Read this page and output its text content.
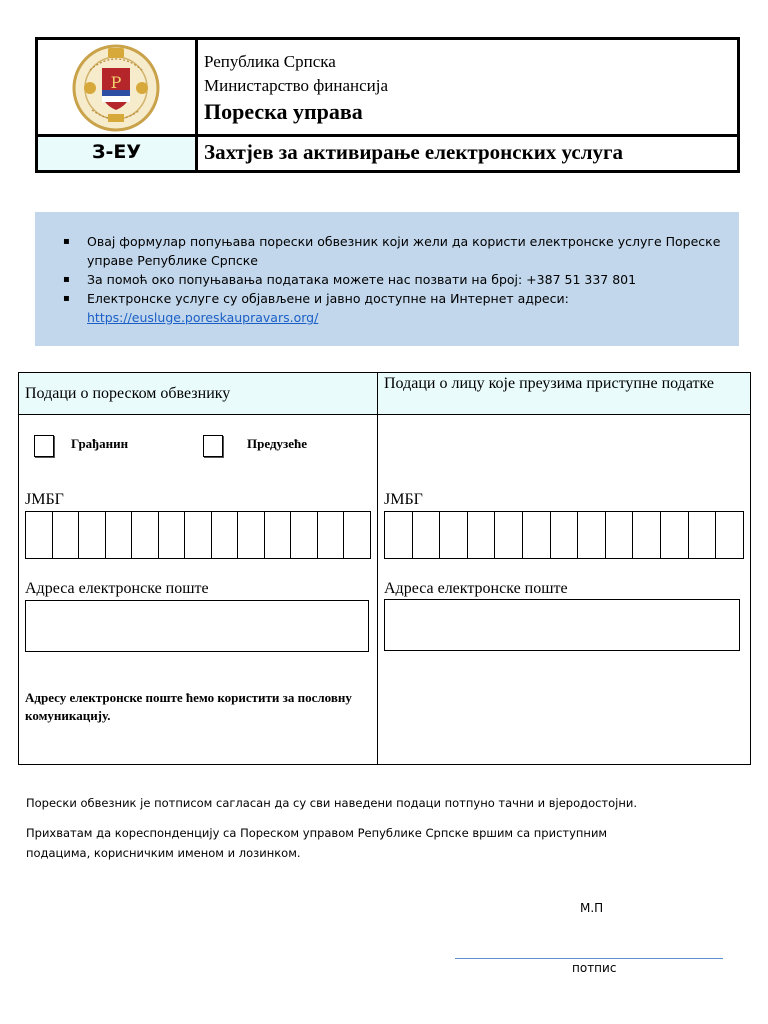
P
Република Српска
Министарство финансија
Пореска управа
З-ЕУ	Захтјев за активирање електронских услуга
▪ Овај формулар попуњава порески обвезник који жели да користи електронске услуге Пореске управе Републике Српске
▪ За помоћ око попуњавања података можете нас позвати на број: +387 51 337 801
▪ Електронске услуге су објављене и јавно доступне на Интернет адреси:
https://eusluge.poreskaupravars.org/
Подаци о пореском обвезнику
Подаци о лицу које преузима приступне податке
Грађанин	Предузеће
ЈМБГ
Адреса електронске поште
Адресу електронске поште ћемо користити за пословну комуникацију.
ЈМБГ
Адреса електронске поште
Порески обвезник је потписом сагласан да су сви наведени подаци потпуно тачни и вјеродостојни.
Прихватам да кореспонденцију са Пореском управом Републике Српске вршим са приступним подацима, корисничким именом и лозинком.
М.П
потпис
